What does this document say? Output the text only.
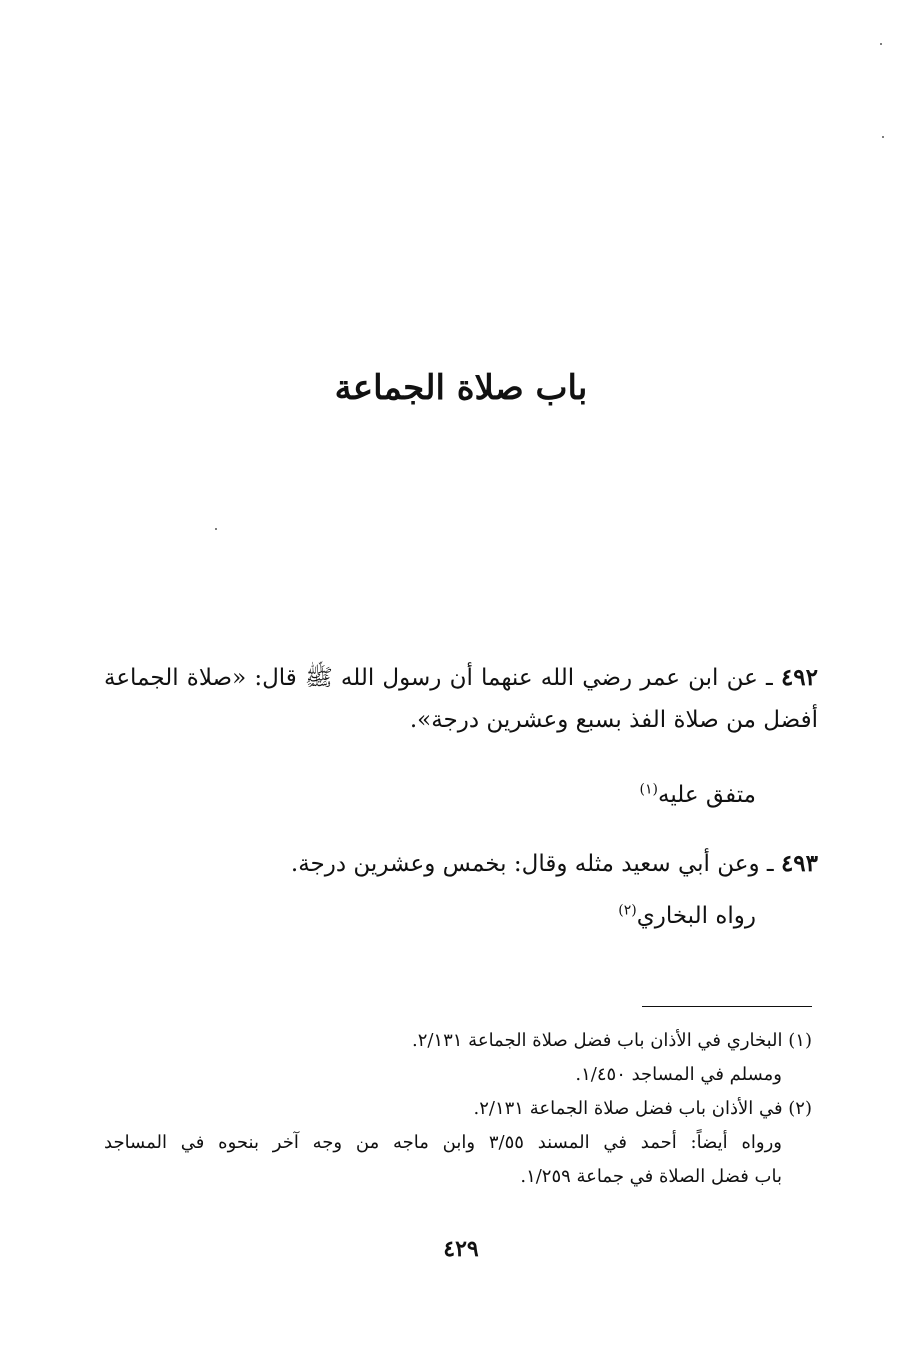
باب صلاة الجماعة
٤٩٢ ـ عن ابن عمر رضي الله عنهما أن رسول الله ﷺ قال: «صلاة الجماعة أفضل من صلاة الفذ بسبع وعشرين درجة».
متفق عليه$^{(١)}$
٤٩٣ ـ وعن أبي سعيد مثله وقال: بخمس وعشرين درجة.
رواه البخاري$^{(٢)}$
(١) البخاري في الأذان باب فضل صلاة الجماعة ٢/١٣١.
ومسلم في المساجد ١/٤٥٠.
(٢) في الأذان باب فضل صلاة الجماعة ٢/١٣١.
ورواه أيضاً: أحمد في المسند ٣/٥٥ وابن ماجه من وجه آخر بنحوه في المساجد
باب فضل الصلاة في جماعة ١/٢٥٩.
٤٢٩
